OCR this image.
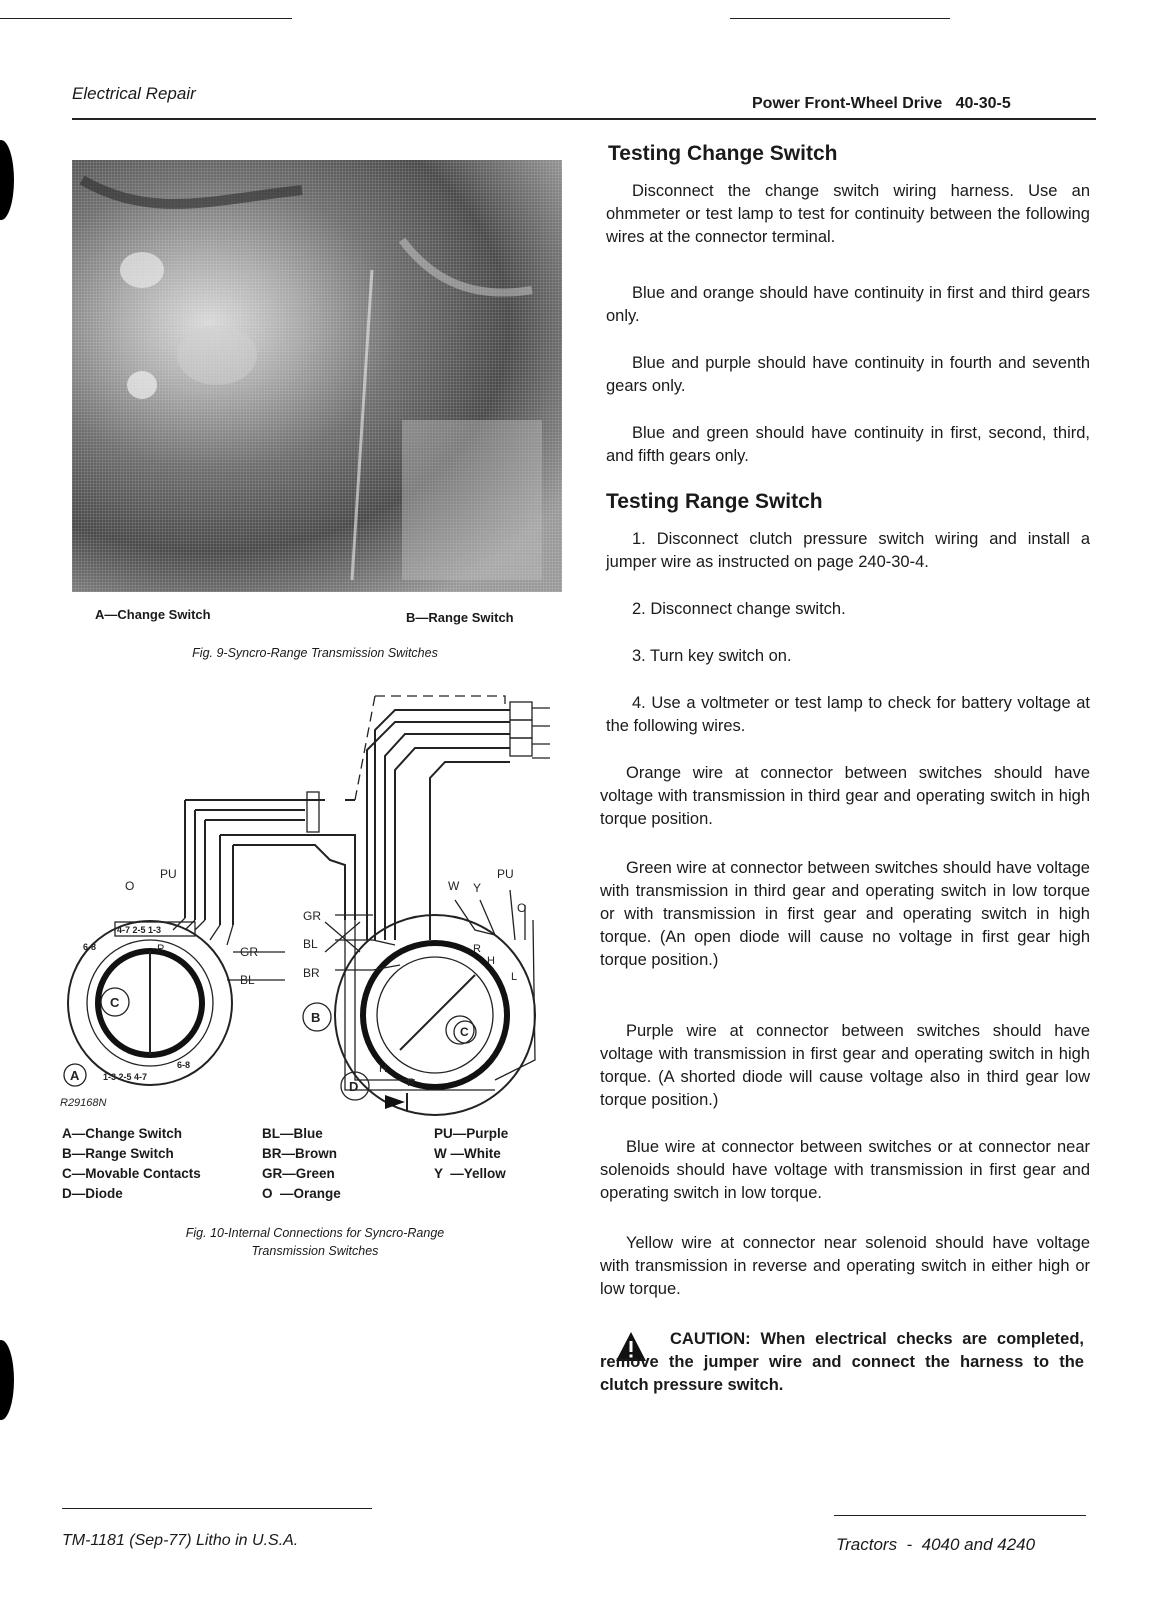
Electrical Repair
Power Front-Wheel Drive   40-30-5
A—Change Switch	B—Range Switch
Fig. 9-Syncro-Range Transmission Switches
O
PU
GR
BL
GR
BL
BR
W Y
PU
O
P	R
H
L
H
R
C
C
A
B
D
4-7 2-5 1-3
6-8
1-3 2-5 4-7
6-8
R29168N
A—Change Switch	BL—Blue	PU—Purple
B—Range Switch	BR—Brown	W —White
C—Movable Contacts	GR—Green	Y  —Yellow
D—Diode	O  —Orange
Fig. 10-Internal Connections for Syncro-Range
Transmission Switches
Testing Change Switch

Disconnect the change switch wiring harness. Use an ohmmeter or test lamp to test for continuity between the following wires at the connector terminal.

Blue and orange should have continuity in first and third gears only.

Blue and purple should have continuity in fourth and seventh gears only.

Blue and green should have continuity in first, second, third, and fifth gears only.

Testing Range Switch

1. Disconnect clutch pressure switch wiring and install a jumper wire as instructed on page 240-30-4.

2. Disconnect change switch.

3. Turn key switch on.

4. Use a voltmeter or test lamp to check for battery voltage at the following wires.

Orange wire at connector between switches should have voltage with transmission in third gear and operating switch in high torque position.

Green wire at connector between switches should have voltage with transmission in third gear and operating switch in low torque or with transmission in first gear and operating switch in high torque. (An open diode will cause no voltage in first gear high torque position.)

Purple wire at connector between switches should have voltage with transmission in first gear and operating switch in high torque. (A shorted diode will cause voltage also in third gear low torque position.)

Blue wire at connector between switches or at connector near solenoids should have voltage with transmission in first gear and operating switch in low torque.

Yellow wire at connector near solenoid should have voltage with transmission in reverse and operating switch in either high or low torque.

CAUTION: When electrical checks are completed, remove the jumper wire and connect the harness to the clutch pressure switch.
TM-1181 (Sep-77) Litho in U.S.A.	Tractors  -  4040 and 4240
